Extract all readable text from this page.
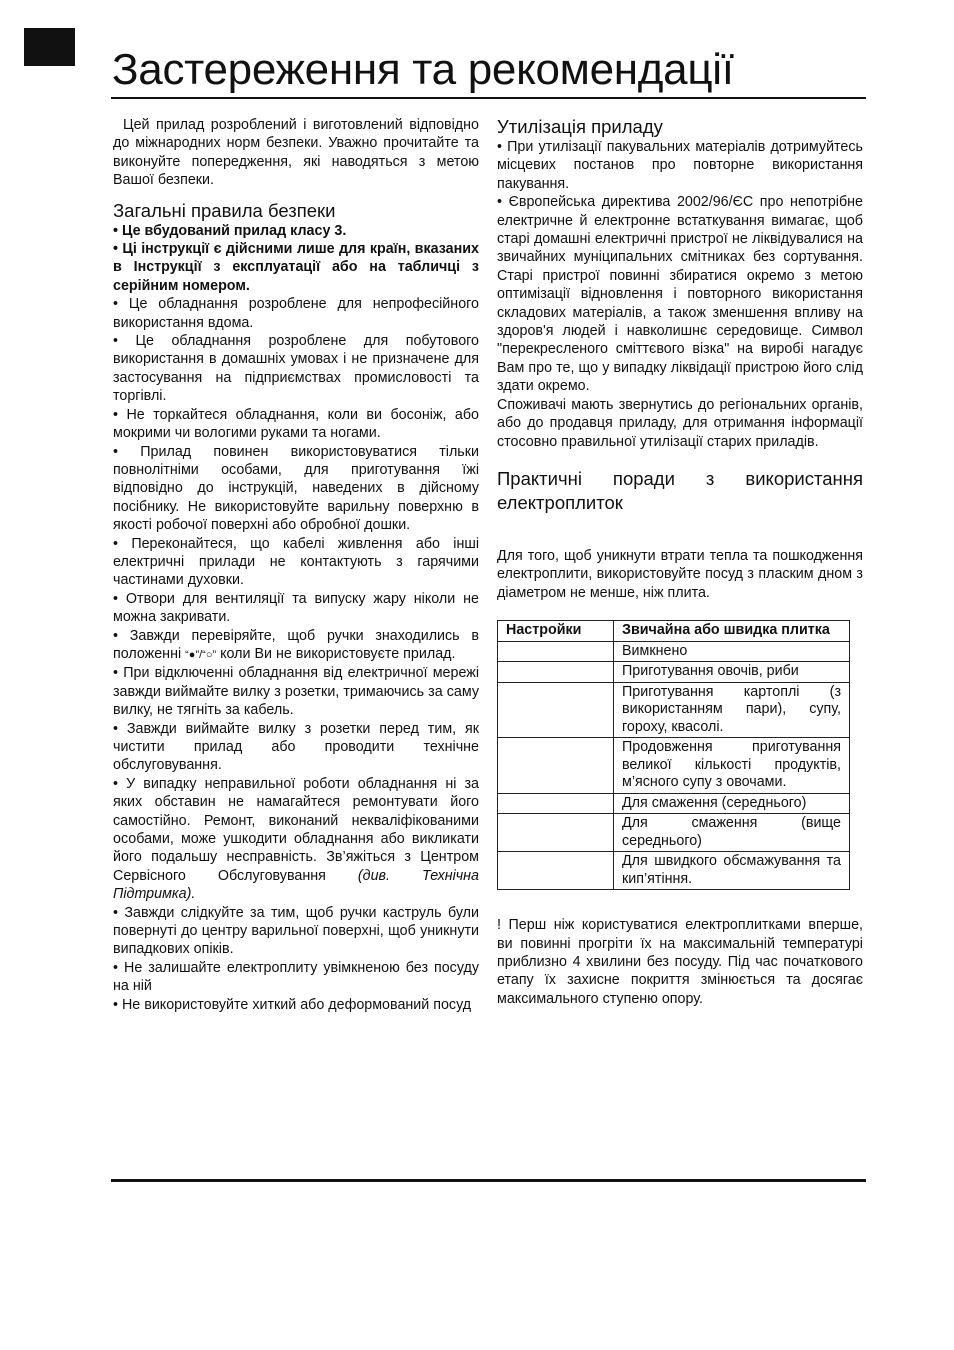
Застереження та рекомендації

Цей прилад розроблений і виготовлений відповідно до міжнародних норм безпеки. Уважно прочитайте та виконуйте попередження, які наводяться з метою Вашої безпеки.

Загальні правила безпеки

• Це вбудований прилад класу 3.

• Ці інструкції є дійсними лише для країн, вказаних в Інструкції з експлуатації або на табличці з серійним номером.

• Це обладнання розроблене для непрофесійного використання вдома.

• Це обладнання розроблене для побутового використання в домашніх умовах і не призначене для застосування на підприємствах промисловості та торгівлі.

• Не торкайтеся обладнання, коли ви босоніж, або мокрими чи вологими руками та ногами.

• Прилад повинен використовуватися тільки повнолітніми особами, для приготування їжі відповідно до інструкцій, наведених в дійсному посібнику. Не використовуйте варильну поверхню в якості робочої поверхні або обробної дошки.

• Переконайтеся, що кабелі живлення або інші електричні прилади не контактують з гарячими частинами духовки.

• Отвори для вентиляції та випуску жару ніколи не можна закривати.

• Завжди перевіряйте, щоб ручки знаходились в положенні “●”/“○” коли Ви не використовуєте прилад.

• При відключенні обладнання від електричної мережі завжди виймайте вилку з розетки, тримаючись за саму вилку, не тягніть за кабель.

• Завжди виймайте вилку з розетки перед тим, як чистити прилад або проводити технічне обслуговування.

• У випадку неправильної роботи обладнання ні за яких обставин не намагайтеся ремонтувати його самостійно. Ремонт, виконаний некваліфікованими особами, може ушкодити обладнання або викликати його подальшу несправність. Зв’яжіться з Центром Сервісного Обслуговування (див. Технічна Підтримка).

• Завжди слідкуйте за тим, щоб ручки каструль були повернуті до центру варильної поверхні, щоб уникнути випадкових опіків.

• Не залишайте електроплиту увімкненою без посуду на ній

• Не використовуйте хиткий або деформований посуд

Утилізація приладу

• При утилізації пакувальних матеріалів дотримуйтесь місцевих постанов про повторне використання пакування.

• Європейська директива 2002/96/ЄС про непотрібне електричне й електронне встаткування вимагає, щоб старі домашні електричні пристрої не ліквідувалися на звичайних муніципальних смітниках без сортування. Старі пристрої повинні збиратися окремо з метою оптимізації відновлення і повторного використання складових матеріалів, а також зменшення впливу на здоров'я людей і навколишнє середовище. Символ "перекресленого сміттєвого візка" на виробі нагадує Вам про те, що у випадку ліквідації пристрою його слід здати окремо.

Споживачі мають звернутись до регіональних органів, або до продавця приладу, для отримання інформації стосовно правильної утилізації старих приладів.

Практичні поради з використання електроплиток

Для того, щоб уникнути втрати тепла та пошкодження електроплити, використовуйте посуд з пласким дном з діаметром не менше, ніж плита.

Настройки	Звичайна або швидка плитка
	Вимкнено
	Приготування овочів, риби
	Приготування картоплі (з використанням пари), супу, гороху, квасолі.
	Продовження приготування великої кількості продуктів, м’ясного супу з овочами.
	Для смаження (середнього)
	Для смаження (вище середнього)
	Для швидкого обсмажування та кип’ятіння.

! Перш ніж користуватися електроплитками вперше, ви повинні прогріти їх на максимальній температурі приблизно 4 хвилини без посуду. Під час початкового етапу їх захисне покриття змінюється та досягає максимального ступеню опору.
